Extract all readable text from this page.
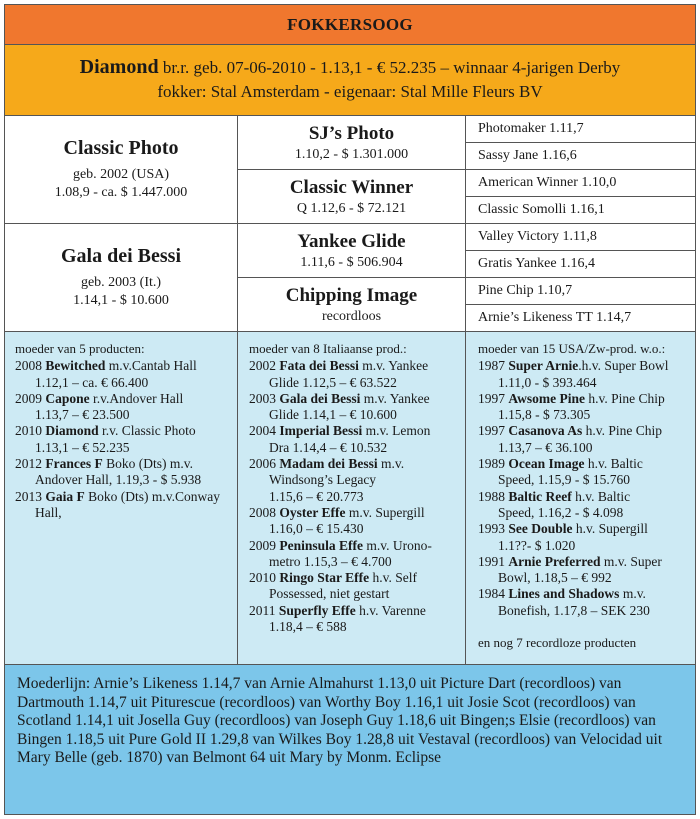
FOKKERSOOG
Diamond br.r. geb. 07-06-2010 - 1.13,1 - € 52.235 – winnaar 4-jarigen Derby
fokker: Stal Amsterdam - eigenaar: Stal Mille Fleurs BV
Classic Photo
geb. 2002 (USA)
1.08,9 - ca. $ 1.447.000
Gala dei Bessi
geb. 2003 (It.)
1.14,1 - $ 10.600
SJ’s Photo
1.10,2 - $ 1.301.000
Classic Winner
Q 1.12,6 - $ 72.121
Yankee Glide
1.11,6 - $ 506.904
Chipping Image
recordloos
Photomaker 1.11,7
Sassy Jane 1.16,6
American Winner 1.10,0
Classic Somolli 1.16,1
Valley Victory 1.11,8
Gratis Yankee 1.16,4
Pine Chip 1.10,7
Arnie’s Likeness TT 1.14,7
moeder van 5 producten:
2008 Bewitched m.v.Cantab Hall
1.12,1 – ca. € 66.400
2009 Capone r.v.Andover Hall
1.13,7 – € 23.500
2010 Diamond r.v. Classic Photo
1.13,1 – € 52.235
2012 Frances F Boko (Dts) m.v.
Andover Hall, 1.19,3 - $ 5.938
2013 Gaia F Boko (Dts) m.v.Conway
Hall,
moeder van 8 Italiaanse prod.:
2002 Fata dei Bessi m.v. Yankee
Glide 1.12,5 – € 63.522
2003 Gala dei Bessi m.v. Yankee
Glide 1.14,1 – € 10.600
2004 Imperial Bessi m.v. Lemon
Dra 1.14,4 – € 10.532
2006 Madam dei Bessi m.v.
Windsong’s Legacy
1.15,6 – € 20.773
2008 Oyster Effe m.v. Supergill
1.16,0 – € 15.430
2009 Peninsula Effe m.v. Urono-
metro 1.15,3 – € 4.700
2010 Ringo Star Effe h.v. Self
Possessed, niet gestart
2011 Superfly Effe h.v. Varenne
1.18,4 – € 588
moeder van 15 USA/Zw-prod. w.o.:
1987 Super Arnie.h.v. Super Bowl
1.11,0 - $ 393.464
1997 Awsome Pine h.v. Pine Chip
1.15,8 - $ 73.305
1997 Casanova As h.v. Pine Chip
1.13,7 – € 36.100
1989 Ocean Image h.v. Baltic
Speed, 1.15,9 - $ 15.760
1988 Baltic Reef h.v. Baltic
Speed, 1.16,2 - $ 4.098
1993 See Double h.v. Supergill
1.1??- $ 1.020
1991 Arnie Preferred m.v. Super
Bowl, 1.18,5 – € 992
1984 Lines and Shadows m.v.
Bonefish, 1.17,8 – SEK 230
en nog 7 recordloze producten
Moederlijn: Arnie’s Likeness 1.14,7 van Arnie Almahurst 1.13,0 uit Picture Dart (recordloos) van Dartmouth 1.14,7 uit Piturescue (recordloos) van Worthy Boy 1.16,1 uit Josie Scot (recordloos) van Scotland 1.14,1 uit Josella Guy (recordloos) van Joseph Guy 1.18,6 uit Bingen;s Elsie (recordloos) van Bingen 1.18,5 uit Pure Gold II 1.29,8 van Wilkes Boy 1.28,8 uit Vestaval (recordloos) van Velocidad uit Mary Belle (geb. 1870) van Belmont 64 uit Mary by Monm. Eclipse
